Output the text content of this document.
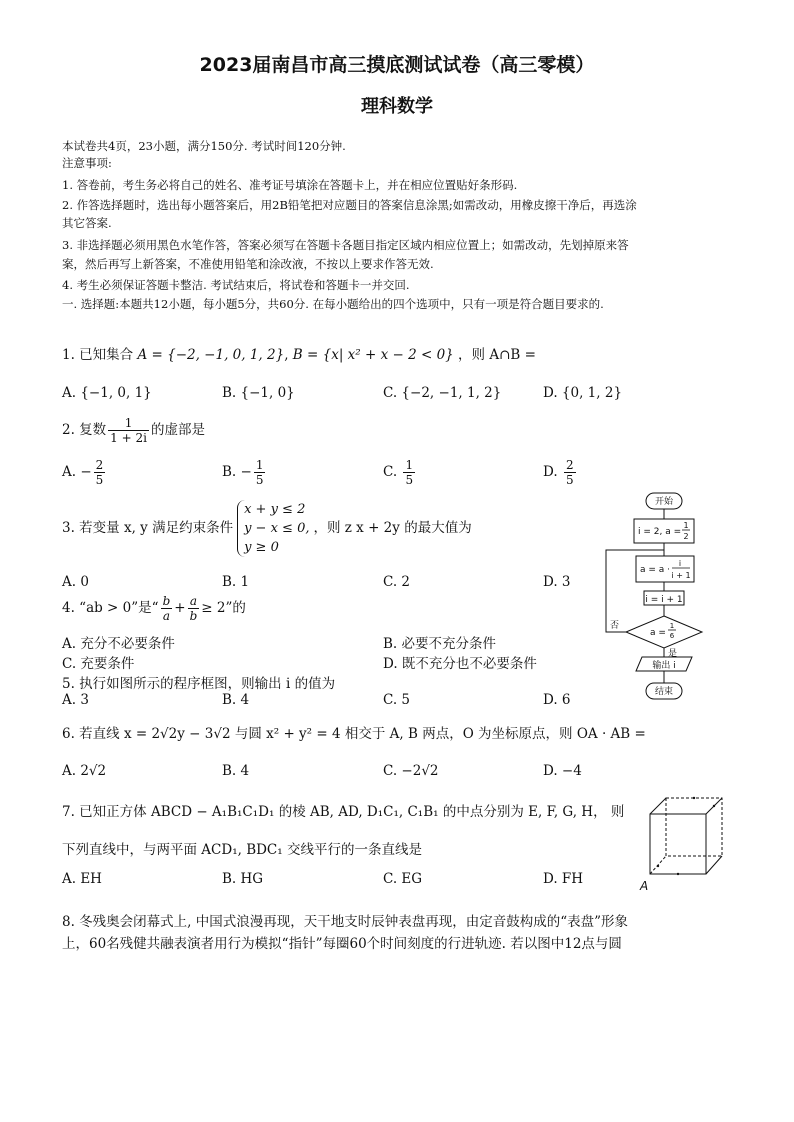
2023届南昌市高三摸底测试试卷（高三零模）
理科数学
本试卷共4页，23小题，满分150分. 考试时间120分钟.
注意事项:
1. 答卷前，考生务必将自己的姓名、准考证号填涂在答题卡上，并在相应位置贴好条形码.
2. 作答选择题时，选出每小题答案后，用2B铅笔把对应题目的答案信息涂黑;如需改动，用橡皮擦干净后，再选涂
其它答案.
3. 非选择题必须用黑色水笔作答，答案必须写在答题卡各题目指定区域内相应位置上；如需改动，先划掉原来答
案，然后再写上新答案，不准使用铅笔和涂改液，不按以上要求作答无效.
4. 考生必须保证答题卡整洁. 考试结束后，将试卷和答题卡一并交回.
一. 选择题:本题共12小题，每小题5分，共60分. 在每小题给出的四个选项中，只有一项是符合题目要求的.
1. 已知集合 A = {−2, −1, 0, 1, 2}, B = {x| x² + x − 2 < 0} ，则 A∩B =
A. {−1, 0, 1}	B. {−1, 0}	C. {−2, −1, 1, 2}	D. {0, 1, 2}
2. 复数 $\frac{1}{1 + 2i}$ 的虚部是
A. − $\frac{2}{5}$	B. − $\frac{1}{5}$	C. $\frac{1}{5}$	D. $\frac{2}{5}$
3. 若变量 x, y 满足约束条件x + y ≤ 2
y − x ≤ 0,
y ≥ 0，则 z x + 2y 的最大值为
A. 0	B. 1	C. 2	D. 3
4. “ab > 0”是“ $\frac{b}{a} + \frac{a}{b} \ge 2$”的
A. 充分不必要条件	B. 必要不充分条件
C. 充要条件	D. 既不充分也不必要条件
5. 执行如图所示的程序框图，则输出 i 的值为
A. 3	B. 4	C. 5	D. 6
6. 若直线 x = 2√2y − 3√2 与圆 x² + y² = 4 相交于 A, B 两点，O 为坐标原点，则 OA · AB =
A. 2√2	B. 4	C. −2√2	D. −4
7. 已知正方体 ABCD − A₁B₁C₁D₁ 的棱 AB, AD, D₁C₁, C₁B₁ 的中点分别为 E, F, G, H， 则
下列直线中，与两平面 ACD₁, BDC₁ 交线平行的一条直线是
A. EH	B. HG	C. EG	D. FH
8. 冬残奥会闭幕式上, 中国式浪漫再现，天干地支时辰钟表盘再现，由定音鼓构成的“表盘”形象
上，60名残健共融表演者用行为模拟“指针”每圈60个时间刻度的行进轨迹. 若以图中12点与圆
开始
i = 2, a =
1
2
a = a ·
i
i + 1
i = i + 1
a =
1
6
否
是
输出 i
结束
A
